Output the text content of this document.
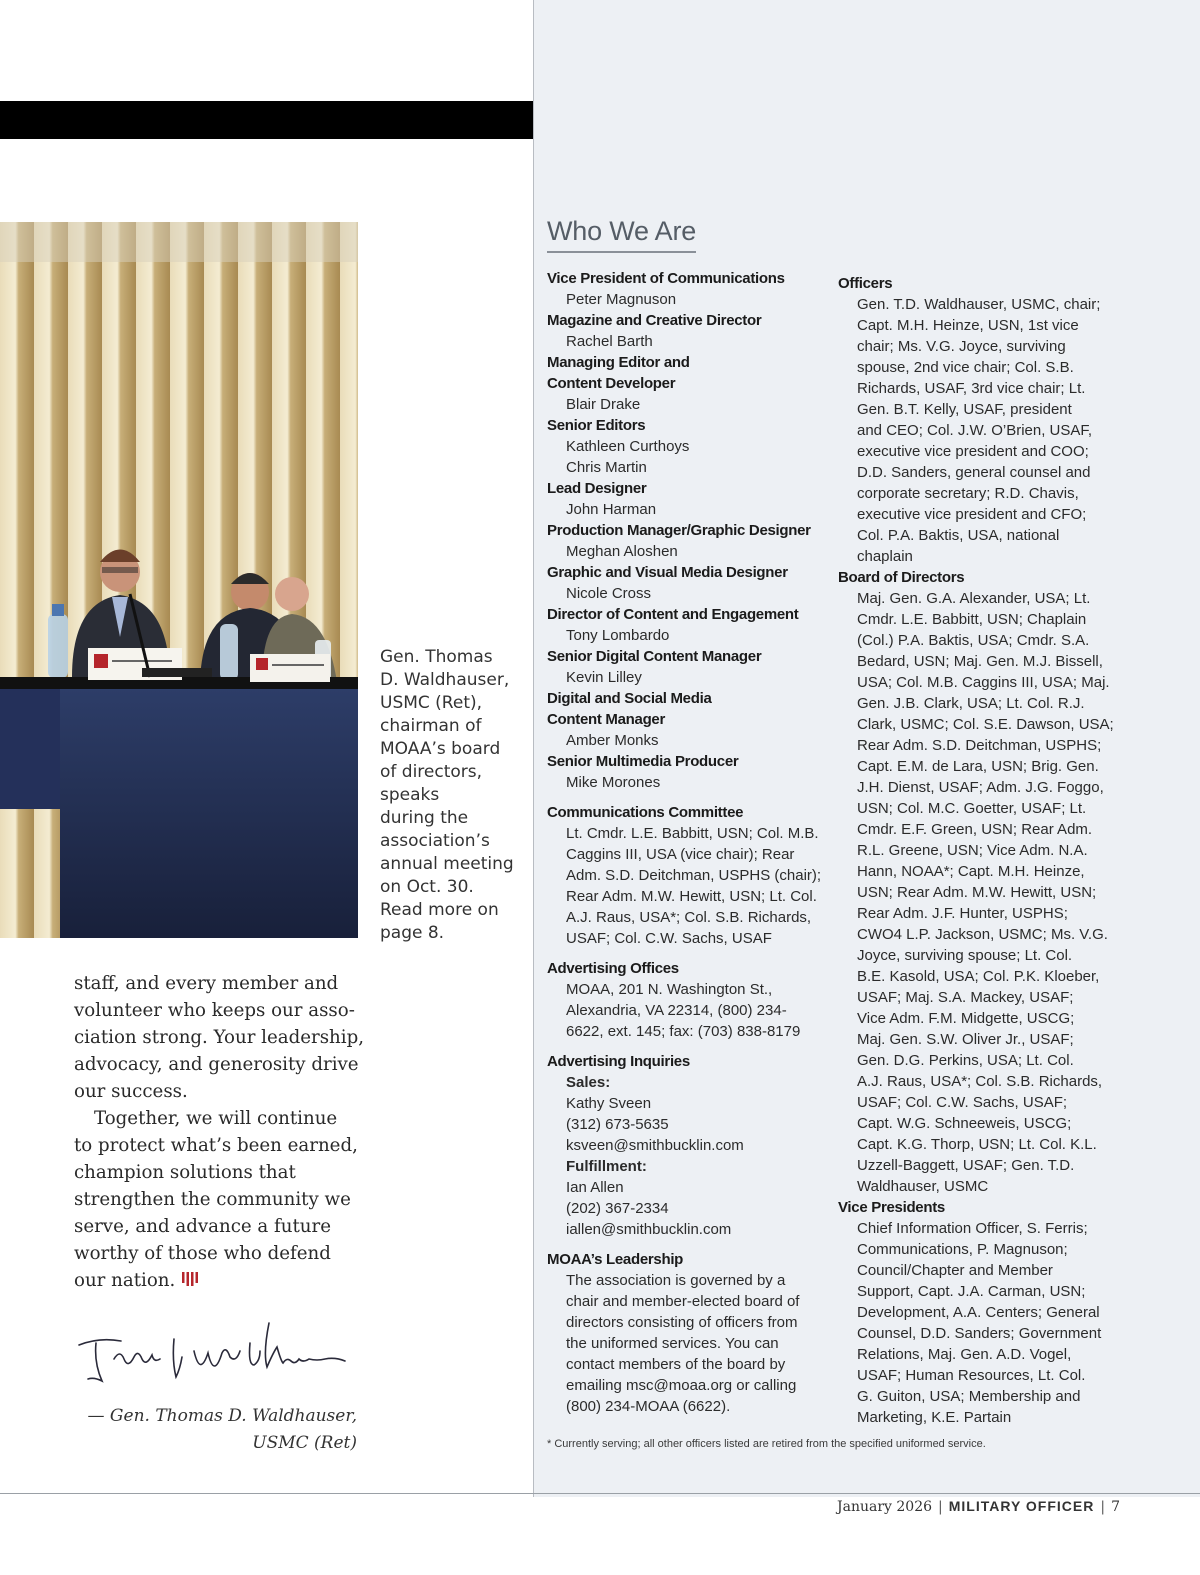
Gen. Thomas
D. Waldhauser,
USMC (Ret),
chairman of
MOAA’s board
of directors,
speaks
during the
association’s
annual meeting
on Oct. 30.
Read more on
page 8.
staff, and every member and
volunteer who keeps our asso-
ciation strong. Your leadership,
advocacy, and generosity drive
our success.
Together, we will continue
to protect what’s been earned,
champion solutions that
strengthen the community we
serve, and advance a future
worthy of those who defend
our nation.
— Gen. Thomas D. Waldhauser,
USMC (Ret)
Who We Are
Vice President of Communications
Peter Magnuson
Magazine and Creative Director
Rachel Barth
Managing Editor and
Content Developer
Blair Drake
Senior Editors
Kathleen Curthoys
Chris Martin
Lead Designer
John Harman
Production Manager/Graphic Designer
Meghan Aloshen
Graphic and Visual Media Designer
Nicole Cross
Director of Content and Engagement
Tony Lombardo
Senior Digital Content Manager
Kevin Lilley
Digital and Social Media
Content Manager
Amber Monks
Senior Multimedia Producer
Mike Morones
Communications Committee
Lt. Cmdr. L.E. Babbitt, USN; Col. M.B.
Caggins III, USA (vice chair); Rear
Adm. S.D. Deitchman, USPHS (chair);
Rear Adm. M.W. Hewitt, USN; Lt. Col.
A.J. Raus, USA*; Col. S.B. Richards,
USAF; Col. C.W. Sachs, USAF
Advertising Offices
MOAA, 201 N. Washington St.,
Alexandria, VA 22314, (800) 234-
6622, ext. 145; fax: (703) 838-8179
Advertising Inquiries
Sales:
Kathy Sveen
(312) 673-5635
ksveen@smithbucklin.com
Fulfillment:
Ian Allen
(202) 367-2334
iallen@smithbucklin.com
MOAA’s Leadership
The association is governed by a
chair and member-elected board of
directors consisting of officers from
the uniformed services. You can
contact members of the board by
emailing msc@moaa.org or calling
(800) 234-MOAA (6622).
Officers
Gen. T.D. Waldhauser, USMC, chair;
Capt. M.H. Heinze, USN, 1st vice
chair; Ms. V.G. Joyce, surviving
spouse, 2nd vice chair; Col. S.B.
Richards, USAF, 3rd vice chair; Lt.
Gen. B.T. Kelly, USAF, president
and CEO; Col. J.W. O’Brien, USAF,
executive vice president and COO;
D.D. Sanders, general counsel and
corporate secretary; R.D. Chavis,
executive vice president and CFO;
Col. P.A. Baktis, USA, national
chaplain
Board of Directors
Maj. Gen. G.A. Alexander, USA; Lt.
Cmdr. L.E. Babbitt, USN; Chaplain
(Col.) P.A. Baktis, USA; Cmdr. S.A.
Bedard, USN; Maj. Gen. M.J. Bissell,
USA; Col. M.B. Caggins III, USA; Maj.
Gen. J.B. Clark, USA; Lt. Col. R.J.
Clark, USMC; Col. S.E. Dawson, USA;
Rear Adm. S.D. Deitchman, USPHS;
Capt. E.M. de Lara, USN; Brig. Gen.
J.H. Dienst, USAF; Adm. J.G. Foggo,
USN; Col. M.C. Goetter, USAF; Lt.
Cmdr. E.F. Green, USN; Rear Adm.
R.L. Greene, USN; Vice Adm. N.A.
Hann, NOAA*; Capt. M.H. Heinze,
USN; Rear Adm. M.W. Hewitt, USN;
Rear Adm. J.F. Hunter, USPHS;
CWO4 L.P. Jackson, USMC; Ms. V.G.
Joyce, surviving spouse; Lt. Col.
B.E. Kasold, USA; Col. P.K. Kloeber,
USAF; Maj. S.A. Mackey, USAF;
Vice Adm. F.M. Midgette, USCG;
Maj. Gen. S.W. Oliver Jr., USAF;
Gen. D.G. Perkins, USA; Lt. Col.
A.J. Raus, USA*; Col. S.B. Richards,
USAF; Col. C.W. Sachs, USAF;
Capt. W.G. Schneeweis, USCG;
Capt. K.G. Thorp, USN; Lt. Col. K.L.
Uzzell-Baggett, USAF; Gen. T.D.
Waldhauser, USMC
Vice Presidents
Chief Information Officer, S. Ferris;
Communications, P. Magnuson;
Council/Chapter and Member
Support, Capt. J.A. Carman, USN;
Development, A.A. Centers; General
Counsel, D.D. Sanders; Government
Relations, Maj. Gen. A.D. Vogel,
USAF; Human Resources, Lt. Col.
G. Guiton, USA; Membership and
Marketing, K.E. Partain
* Currently serving; all other officers listed are retired from the specified uniformed service.
January 2026 | MILITARY OFFICER | 7
